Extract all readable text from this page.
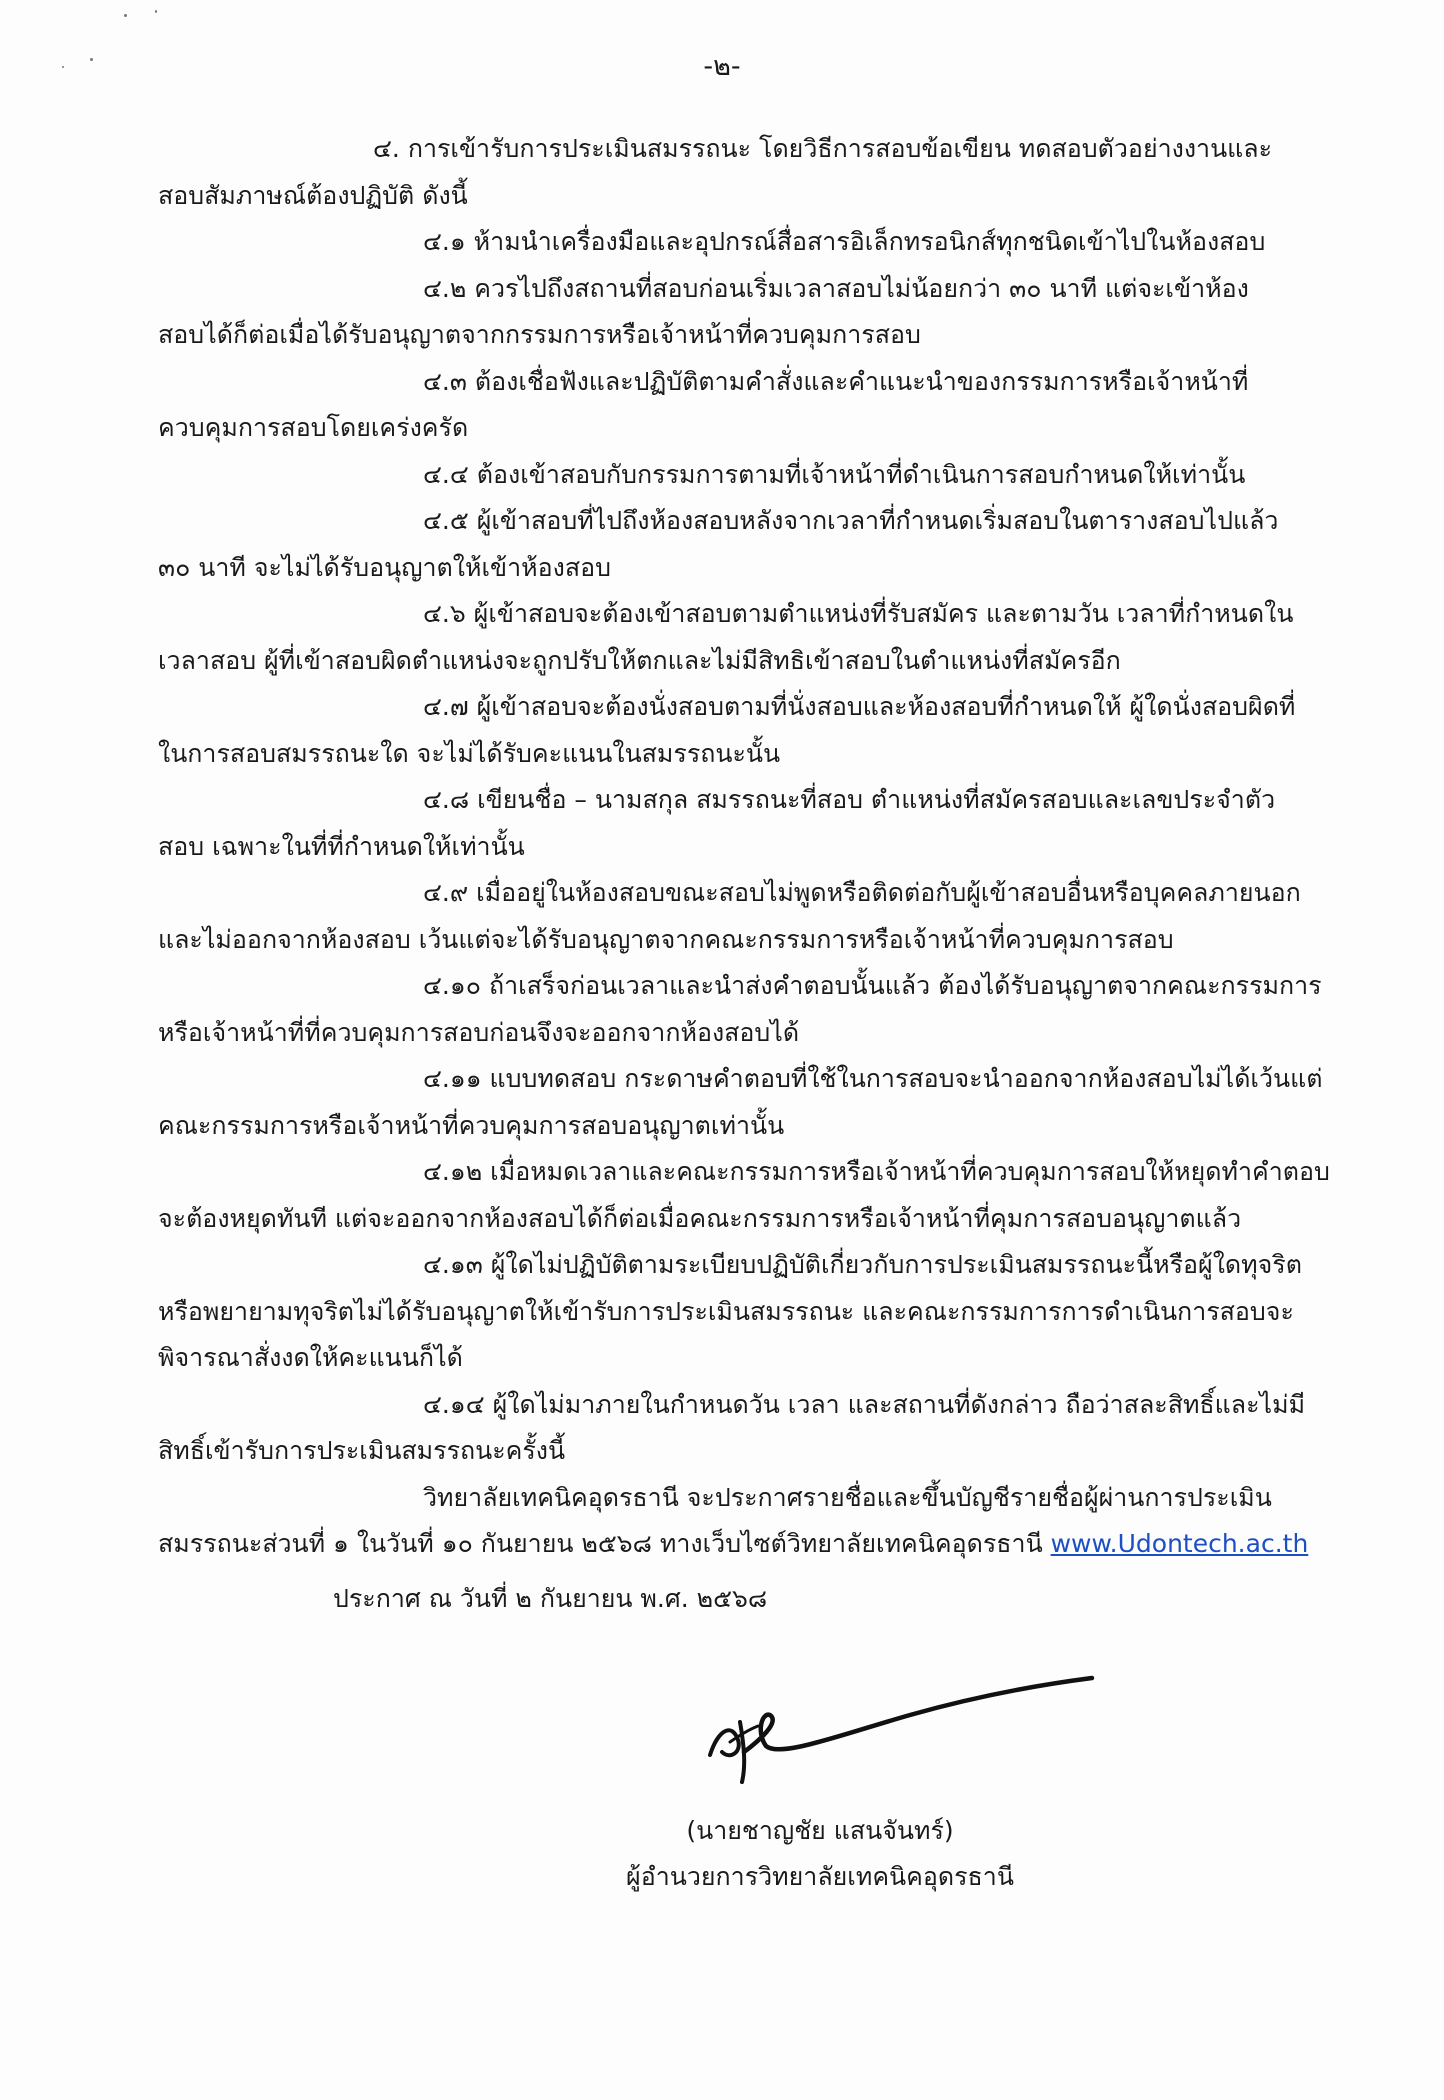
-๒-
๔. การเข้ารับการประเมินสมรรถนะ โดยวิธีการสอบข้อเขียน ทดสอบตัวอย่างงานและ
สอบสัมภาษณ์ต้องปฏิบัติ ดังนี้
๔.๑ ห้ามนำเครื่องมือและอุปกรณ์สื่อสารอิเล็กทรอนิกส์ทุกชนิดเข้าไปในห้องสอบ
๔.๒ ควรไปถึงสถานที่สอบก่อนเริ่มเวลาสอบไม่น้อยกว่า ๓๐ นาที แต่จะเข้าห้อง
สอบได้ก็ต่อเมื่อได้รับอนุญาตจากกรรมการหรือเจ้าหน้าที่ควบคุมการสอบ
๔.๓ ต้องเชื่อฟังและปฏิบัติตามคำสั่งและคำแนะนำของกรรมการหรือเจ้าหน้าที่
ควบคุมการสอบโดยเคร่งครัด
๔.๔ ต้องเข้าสอบกับกรรมการตามที่เจ้าหน้าที่ดำเนินการสอบกำหนดให้เท่านั้น
๔.๕ ผู้เข้าสอบที่ไปถึงห้องสอบหลังจากเวลาที่กำหนดเริ่มสอบในตารางสอบไปแล้ว
๓๐ นาที จะไม่ได้รับอนุญาตให้เข้าห้องสอบ
๔.๖ ผู้เข้าสอบจะต้องเข้าสอบตามตำแหน่งที่รับสมัคร และตามวัน เวลาที่กำหนดใน
เวลาสอบ ผู้ที่เข้าสอบผิดตำแหน่งจะถูกปรับให้ตกและไม่มีสิทธิเข้าสอบในตำแหน่งที่สมัครอีก
๔.๗ ผู้เข้าสอบจะต้องนั่งสอบตามที่นั่งสอบและห้องสอบที่กำหนดให้ ผู้ใดนั่งสอบผิดที่
ในการสอบสมรรถนะใด จะไม่ได้รับคะแนนในสมรรถนะนั้น
๔.๘ เขียนชื่อ – นามสกุล สมรรถนะที่สอบ ตำแหน่งที่สมัครสอบและเลขประจำตัว
สอบ เฉพาะในที่ที่กำหนดให้เท่านั้น
๔.๙ เมื่ออยู่ในห้องสอบขณะสอบไม่พูดหรือติดต่อกับผู้เข้าสอบอื่นหรือบุคคลภายนอก
และไม่ออกจากห้องสอบ เว้นแต่จะได้รับอนุญาตจากคณะกรรมการหรือเจ้าหน้าที่ควบคุมการสอบ
๔.๑๐ ถ้าเสร็จก่อนเวลาและนำส่งคำตอบนั้นแล้ว ต้องได้รับอนุญาตจากคณะกรรมการ
หรือเจ้าหน้าที่ที่ควบคุมการสอบก่อนจึงจะออกจากห้องสอบได้
๔.๑๑ แบบทดสอบ กระดาษคำตอบที่ใช้ในการสอบจะนำออกจากห้องสอบไม่ได้เว้นแต่
คณะกรรมการหรือเจ้าหน้าที่ควบคุมการสอบอนุญาตเท่านั้น
๔.๑๒ เมื่อหมดเวลาและคณะกรรมการหรือเจ้าหน้าที่ควบคุมการสอบให้หยุดทำคำตอบ
จะต้องหยุดทันที แต่จะออกจากห้องสอบได้ก็ต่อเมื่อคณะกรรมการหรือเจ้าหน้าที่คุมการสอบอนุญาตแล้ว
๔.๑๓ ผู้ใดไม่ปฏิบัติตามระเบียบปฏิบัติเกี่ยวกับการประเมินสมรรถนะนี้หรือผู้ใดทุจริต
หรือพยายามทุจริตไม่ได้รับอนุญาตให้เข้ารับการประเมินสมรรถนะ และคณะกรรมการการดำเนินการสอบจะ
พิจารณาสั่งงดให้คะแนนก็ได้
๔.๑๔ ผู้ใดไม่มาภายในกำหนดวัน เวลา และสถานที่ดังกล่าว ถือว่าสละสิทธิ์และไม่มี
สิทธิ์เข้ารับการประเมินสมรรถนะครั้งนี้
วิทยาลัยเทคนิคอุดรธานี จะประกาศรายชื่อและขึ้นบัญชีรายชื่อผู้ผ่านการประเมิน
สมรรถนะส่วนที่ ๑ ในวันที่ ๑๐ กันยายน ๒๕๖๘ ทางเว็บไซต์วิทยาลัยเทคนิคอุดรธานี www.Udontech.ac.th
ประกาศ ณ วันที่ ๒ กันยายน พ.ศ. ๒๕๖๘
(นายชาญชัย แสนจันทร์)
ผู้อำนวยการวิทยาลัยเทคนิคอุดรธานี
